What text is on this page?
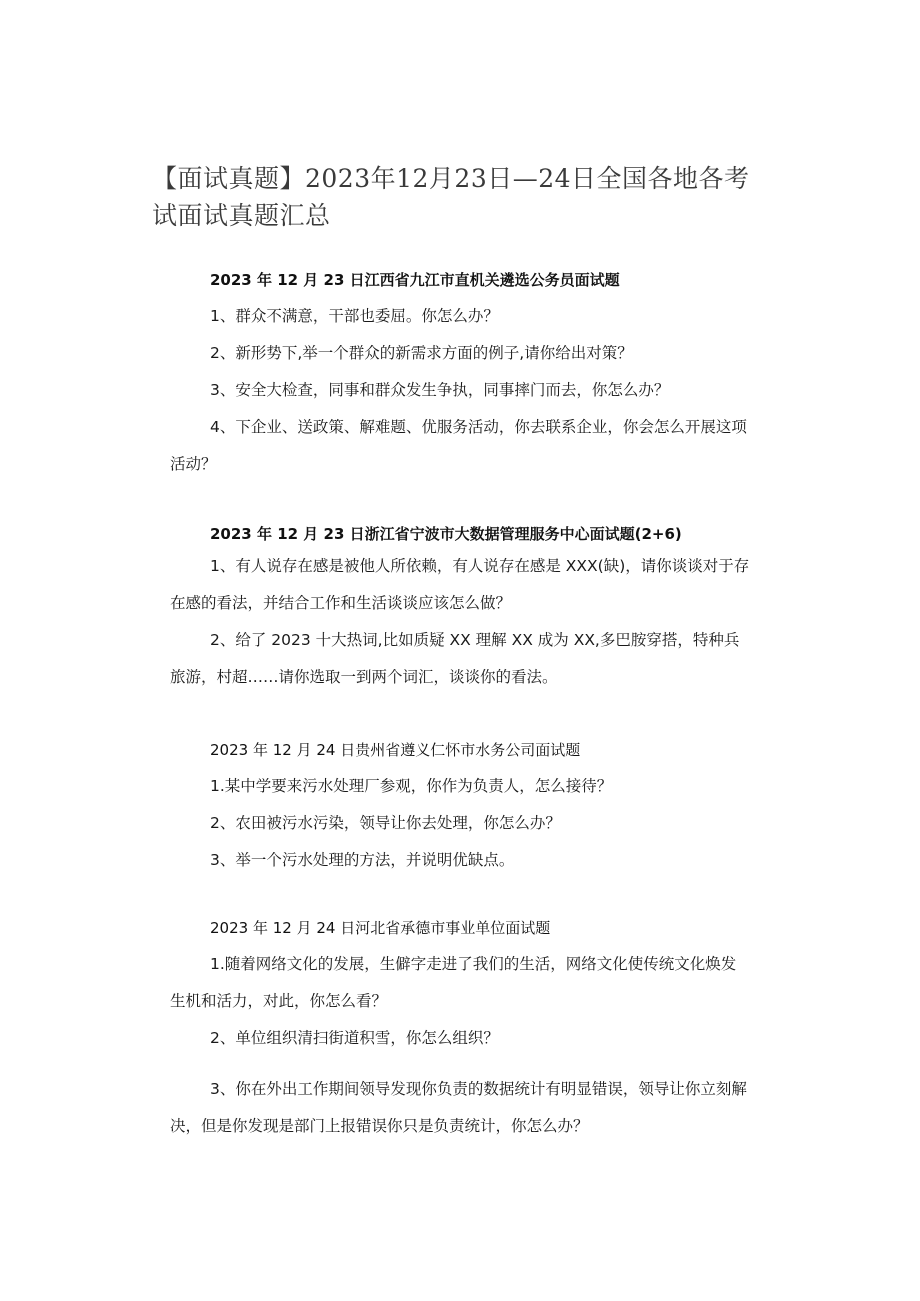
【面试真题】2023年12月23日—24日全国各地各考试面试真题汇总

2023 年 12 月 23 日江西省九江市直机关遴选公务员面试题

1、群众不满意，干部也委屈。你怎么办？

2、新形势下,举一个群众的新需求方面的例子,请你给出对策？

3、安全大检查，同事和群众发生争执，同事摔门而去，你怎么办？

4、下企业、送政策、解难题、优服务活动，你去联系企业，你会怎么开展这项活动？

2023 年 12 月 23 日浙江省宁波市大数据管理服务中心面试题(2+6)

1、有人说存在感是被他人所依赖，有人说存在感是 XXX(缺)，请你谈谈对于存在感的看法，并结合工作和生活谈谈应该怎么做？

2、给了 2023 十大热词,比如质疑 XX 理解 XX 成为 XX,多巴胺穿搭，特种兵旅游，村超……请你选取一到两个词汇，谈谈你的看法。

2023 年 12 月 24 日贵州省遵义仁怀市水务公司面试题

1.某中学要来污水处理厂参观，你作为负责人，怎么接待？

2、农田被污水污染，领导让你去处理，你怎么办？

3、举一个污水处理的方法，并说明优缺点。

2023 年 12 月 24 日河北省承德市事业单位面试题

1.随着网络文化的发展，生僻字走进了我们的生活，网络文化使传统文化焕发生机和活力，对此，你怎么看？

2、单位组织清扫街道积雪，你怎么组织？

3、你在外出工作期间领导发现你负责的数据统计有明显错误，领导让你立刻解决，但是你发现是部门上报错误你只是负责统计，你怎么办？
